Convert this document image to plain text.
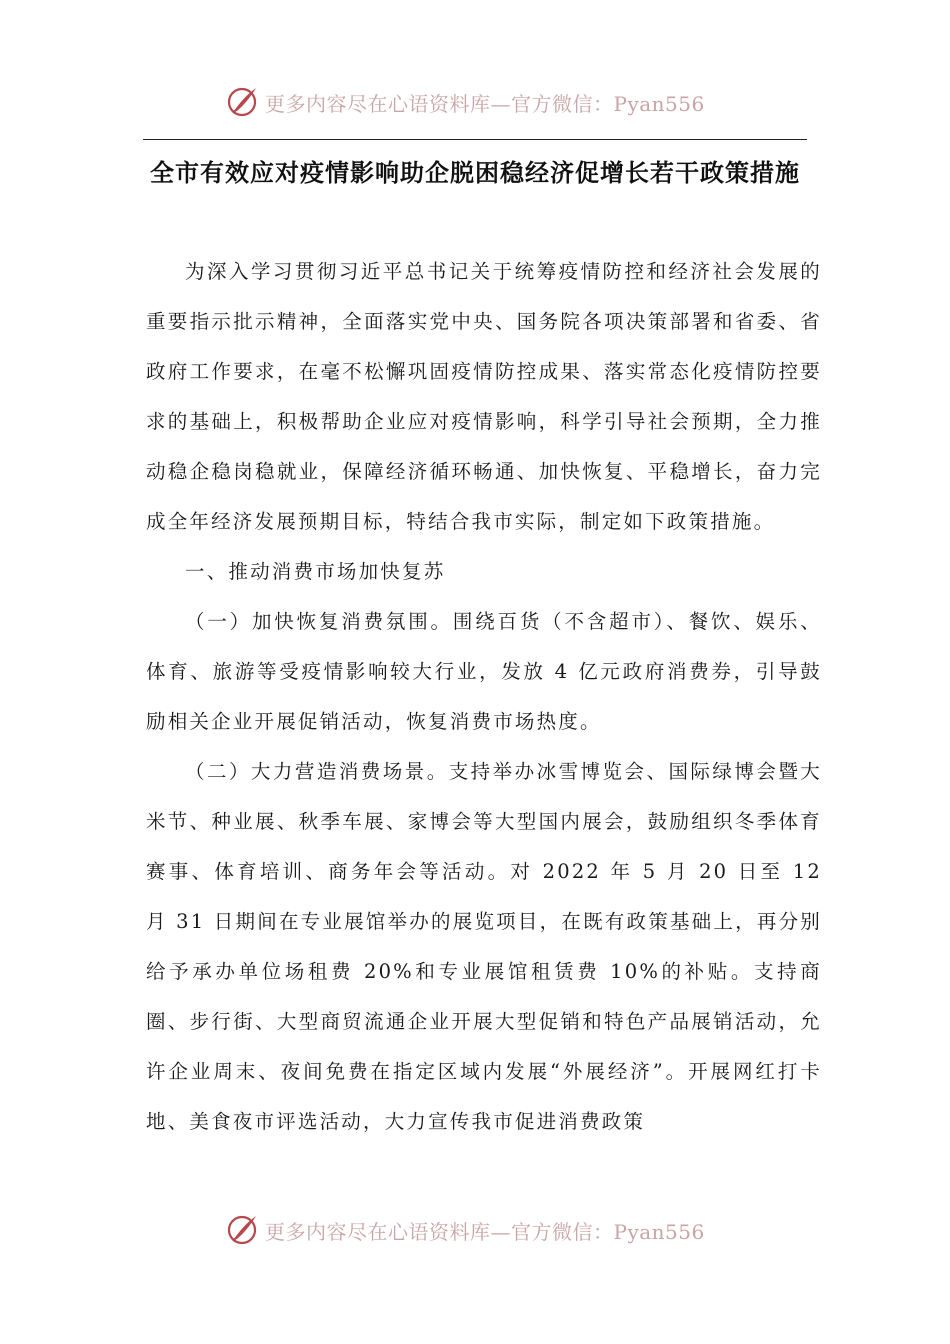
更多内容尽在心语资料库—官方微信：Pyan556
全市有效应对疫情影响助企脱困稳经济促增长若干政策措施

为深入学习贯彻习近平总书记关于统筹疫情防控和经济社会发展的重要指示批示精神，全面落实党中央、国务院各项决策部署和省委、省政府工作要求，在毫不松懈巩固疫情防控成果、落实常态化疫情防控要求的基础上，积极帮助企业应对疫情影响，科学引导社会预期，全力推动稳企稳岗稳就业，保障经济循环畅通、加快恢复、平稳增长，奋力完成全年经济发展预期目标，特结合我市实际，制定如下政策措施。

一、推动消费市场加快复苏

（一）加快恢复消费氛围。围绕百货（不含超市）、餐饮、娱乐、体育、旅游等受疫情影响较大行业，发放 4 亿元政府消费券，引导鼓励相关企业开展促销活动，恢复消费市场热度。

（二）大力营造消费场景。支持举办冰雪博览会、国际绿博会暨大米节、种业展、秋季车展、家博会等大型国内展会，鼓励组织冬季体育赛事、体育培训、商务年会等活动。对 2022 年 5 月 20 日至 12 月 31 日期间在专业展馆举办的展览项目，在既有政策基础上，再分别给予承办单位场租费 20%和专业展馆租赁费 10%的补贴。支持商圈、步行街、大型商贸流通企业开展大型促销和特色产品展销活动，允许企业周末、夜间免费在指定区域内发展“外展经济”。开展网红打卡地、美食夜市评选活动，大力宣传我市促进消费政策

更多内容尽在心语资料库—官方微信：Pyan556
